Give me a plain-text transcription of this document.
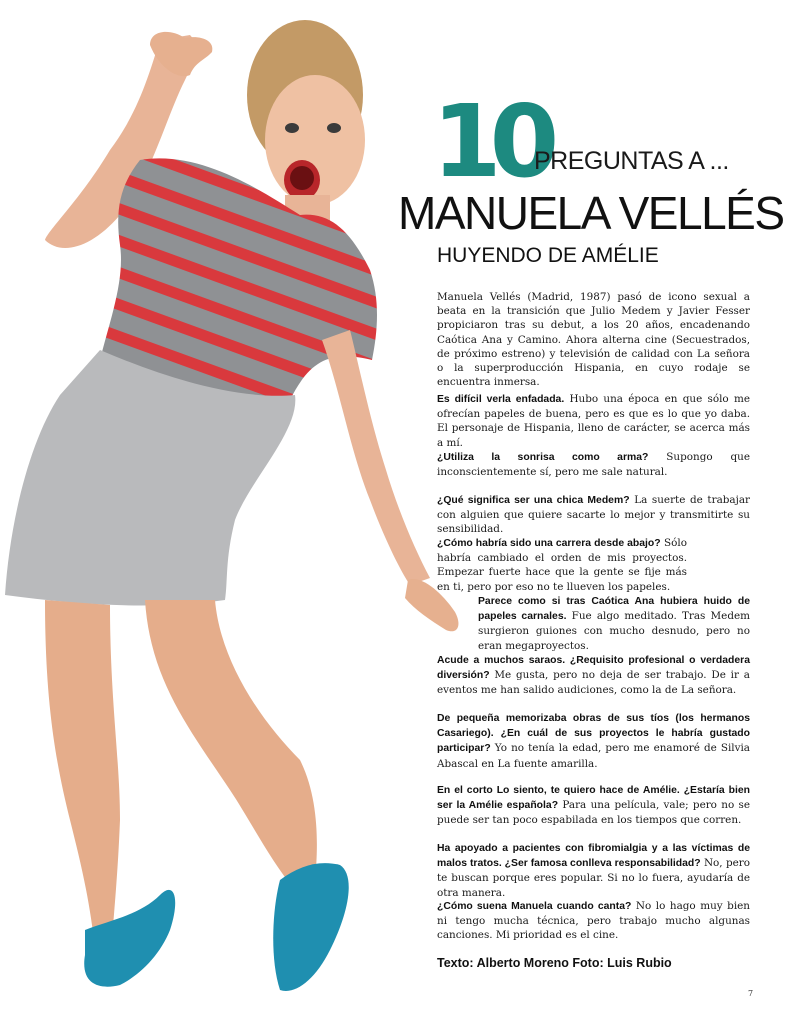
10
PREGUNTAS A ...
MANUELA VELLÉS
HUYENDO DE AMÉLIE
Manuela Vellés (Madrid, 1987) pasó de icono sexual a beata en la transición que Julio Medem y Javier Fesser propiciaron tras su debut, a los 20 años, encadenando Caótica Ana y Camino. Ahora alterna cine (Secuestrados, de próximo estreno) y televisión de calidad con La señora o la superproducción Hispania, en cuyo rodaje se encuentra inmersa.
Es difícil verla enfadada. Hubo una época en que sólo me ofrecían papeles de buena, pero es que es lo que yo daba. El personaje de Hispania, lleno de carácter, se acerca más a mí.
¿Utiliza la sonrisa como arma? Supongo que inconscientemente sí, pero me sale natural.
¿Qué significa ser una chica Medem? La suerte de trabajar con alguien que quiere sacarte lo mejor y transmitirte su sensibilidad.
¿Cómo habría sido una carrera desde abajo? Sólo habría cambiado el orden de mis proyectos. Empezar fuerte hace que la gente se fije más en ti, pero por eso no te llueven los papeles.
Parece como si tras Caótica Ana hubiera huido de papeles carnales. Fue algo meditado. Tras Medem surgieron guiones con mucho desnudo, pero no eran megaproyectos.
Acude a muchos saraos. ¿Requisito profesional o verdadera diversión? Me gusta, pero no deja de ser trabajo. De ir a eventos me han salido audiciones, como la de La señora.
De pequeña memorizaba obras de sus tíos (los hermanos Casariego). ¿En cuál de sus proyectos le habría gustado participar? Yo no tenía la edad, pero me enamoré de Silvia Abascal en La fuente amarilla.
En el corto Lo siento, te quiero hace de Amélie. ¿Estaría bien ser la Amélie española? Para una película, vale; pero no se puede ser tan poco espabilada en los tiempos que corren.
Ha apoyado a pacientes con fibromialgia y a las víctimas de malos tratos. ¿Ser famosa conlleva responsabilidad? No, pero te buscan porque eres popular. Si no lo fuera, ayudaría de otra manera.
¿Cómo suena Manuela cuando canta? No lo hago muy bien ni tengo mucha técnica, pero trabajo mucho algunas canciones. Mi prioridad es el cine.
Texto: Alberto Moreno Foto: Luis Rubio
7
